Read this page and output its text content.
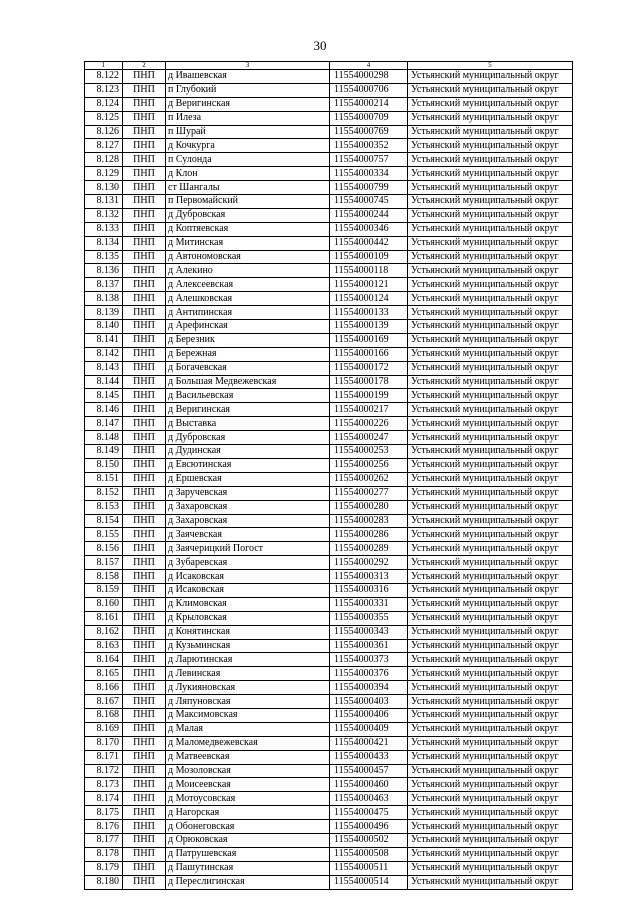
30
1	2	3	4	5
8.122	ПНП	д Ивашевская	11554000298	Устьянский муниципальный округ
8.123	ПНП	п Глубокий	11554000706	Устьянский муниципальный округ
8.124	ПНП	д Веригинская	11554000214	Устьянский муниципальный округ
8.125	ПНП	п Илеза	11554000709	Устьянский муниципальный округ
8.126	ПНП	п Шурай	11554000769	Устьянский муниципальный округ
8.127	ПНП	д Кочкурга	11554000352	Устьянский муниципальный округ
8.128	ПНП	п Сулонда	11554000757	Устьянский муниципальный округ
8.129	ПНП	д Клон	11554000334	Устьянский муниципальный округ
8.130	ПНП	ст Шангалы	11554000799	Устьянский муниципальный округ
8.131	ПНП	п Первомайский	11554000745	Устьянский муниципальный округ
8.132	ПНП	д Дубровская	11554000244	Устьянский муниципальный округ
8.133	ПНП	д Коптяевская	11554000346	Устьянский муниципальный округ
8.134	ПНП	д Митинская	11554000442	Устьянский муниципальный округ
8.135	ПНП	д Автономовская	11554000109	Устьянский муниципальный округ
8.136	ПНП	д Алекино	11554000118	Устьянский муниципальный округ
8.137	ПНП	д Алексеевская	11554000121	Устьянский муниципальный округ
8.138	ПНП	д Алешковская	11554000124	Устьянский муниципальный округ
8.139	ПНП	д Антипинская	11554000133	Устьянский муниципальный округ
8.140	ПНП	д Арефинская	11554000139	Устьянский муниципальный округ
8.141	ПНП	д Березник	11554000169	Устьянский муниципальный округ
8.142	ПНП	д Бережная	11554000166	Устьянский муниципальный округ
8.143	ПНП	д Богачевская	11554000172	Устьянский муниципальный округ
8.144	ПНП	д Большая Медвежевская	11554000178	Устьянский муниципальный округ
8.145	ПНП	д Васильевская	11554000199	Устьянский муниципальный округ
8.146	ПНП	д Веригинская	11554000217	Устьянский муниципальный округ
8.147	ПНП	д Выставка	11554000226	Устьянский муниципальный округ
8.148	ПНП	д Дубровская	11554000247	Устьянский муниципальный округ
8.149	ПНП	д Дудинская	11554000253	Устьянский муниципальный округ
8.150	ПНП	д Евсютинская	11554000256	Устьянский муниципальный округ
8.151	ПНП	д Ершевская	11554000262	Устьянский муниципальный округ
8.152	ПНП	д Заручевская	11554000277	Устьянский муниципальный округ
8.153	ПНП	д Захаровская	11554000280	Устьянский муниципальный округ
8.154	ПНП	д Захаровская	11554000283	Устьянский муниципальный округ
8.155	ПНП	д Заячевская	11554000286	Устьянский муниципальный округ
8.156	ПНП	д Заячерицкий Погост	11554000289	Устьянский муниципальный округ
8.157	ПНП	д Зубаревская	11554000292	Устьянский муниципальный округ
8.158	ПНП	д Исаковская	11554000313	Устьянский муниципальный округ
8.159	ПНП	д Исаковская	11554000316	Устьянский муниципальный округ
8.160	ПНП	д Климовская	11554000331	Устьянский муниципальный округ
8.161	ПНП	д Крыловская	11554000355	Устьянский муниципальный округ
8.162	ПНП	д Конятинская	11554000343	Устьянский муниципальный округ
8.163	ПНП	д Кузьминская	11554000361	Устьянский муниципальный округ
8.164	ПНП	д Ларютинская	11554000373	Устьянский муниципальный округ
8.165	ПНП	д Левинская	11554000376	Устьянский муниципальный округ
8.166	ПНП	д Лукияновская	11554000394	Устьянский муниципальный округ
8.167	ПНП	д Ляпуновская	11554000403	Устьянский муниципальный округ
8.168	ПНП	д Максимовская	11554000406	Устьянский муниципальный округ
8.169	ПНП	д Малая	11554000409	Устьянский муниципальный округ
8.170	ПНП	д Маломедвежевская	11554000421	Устьянский муниципальный округ
8.171	ПНП	д Матвеевская	11554000433	Устьянский муниципальный округ
8.172	ПНП	д Мозоловская	11554000457	Устьянский муниципальный округ
8.173	ПНП	д Моисеевская	11554000460	Устьянский муниципальный округ
8.174	ПНП	д Мотоусовская	11554000463	Устьянский муниципальный округ
8.175	ПНП	д Нагорская	11554000475	Устьянский муниципальный округ
8.176	ПНП	д Обонеговская	11554000496	Устьянский муниципальный округ
8.177	ПНП	д Орюковская	11554000502	Устьянский муниципальный округ
8.178	ПНП	д Патрушевская	11554000508	Устьянский муниципальный округ
8.179	ПНП	д Пашутинская	11554000511	Устьянский муниципальный округ
8.180	ПНП	д Переслигинская	11554000514	Устьянский муниципальный округ
